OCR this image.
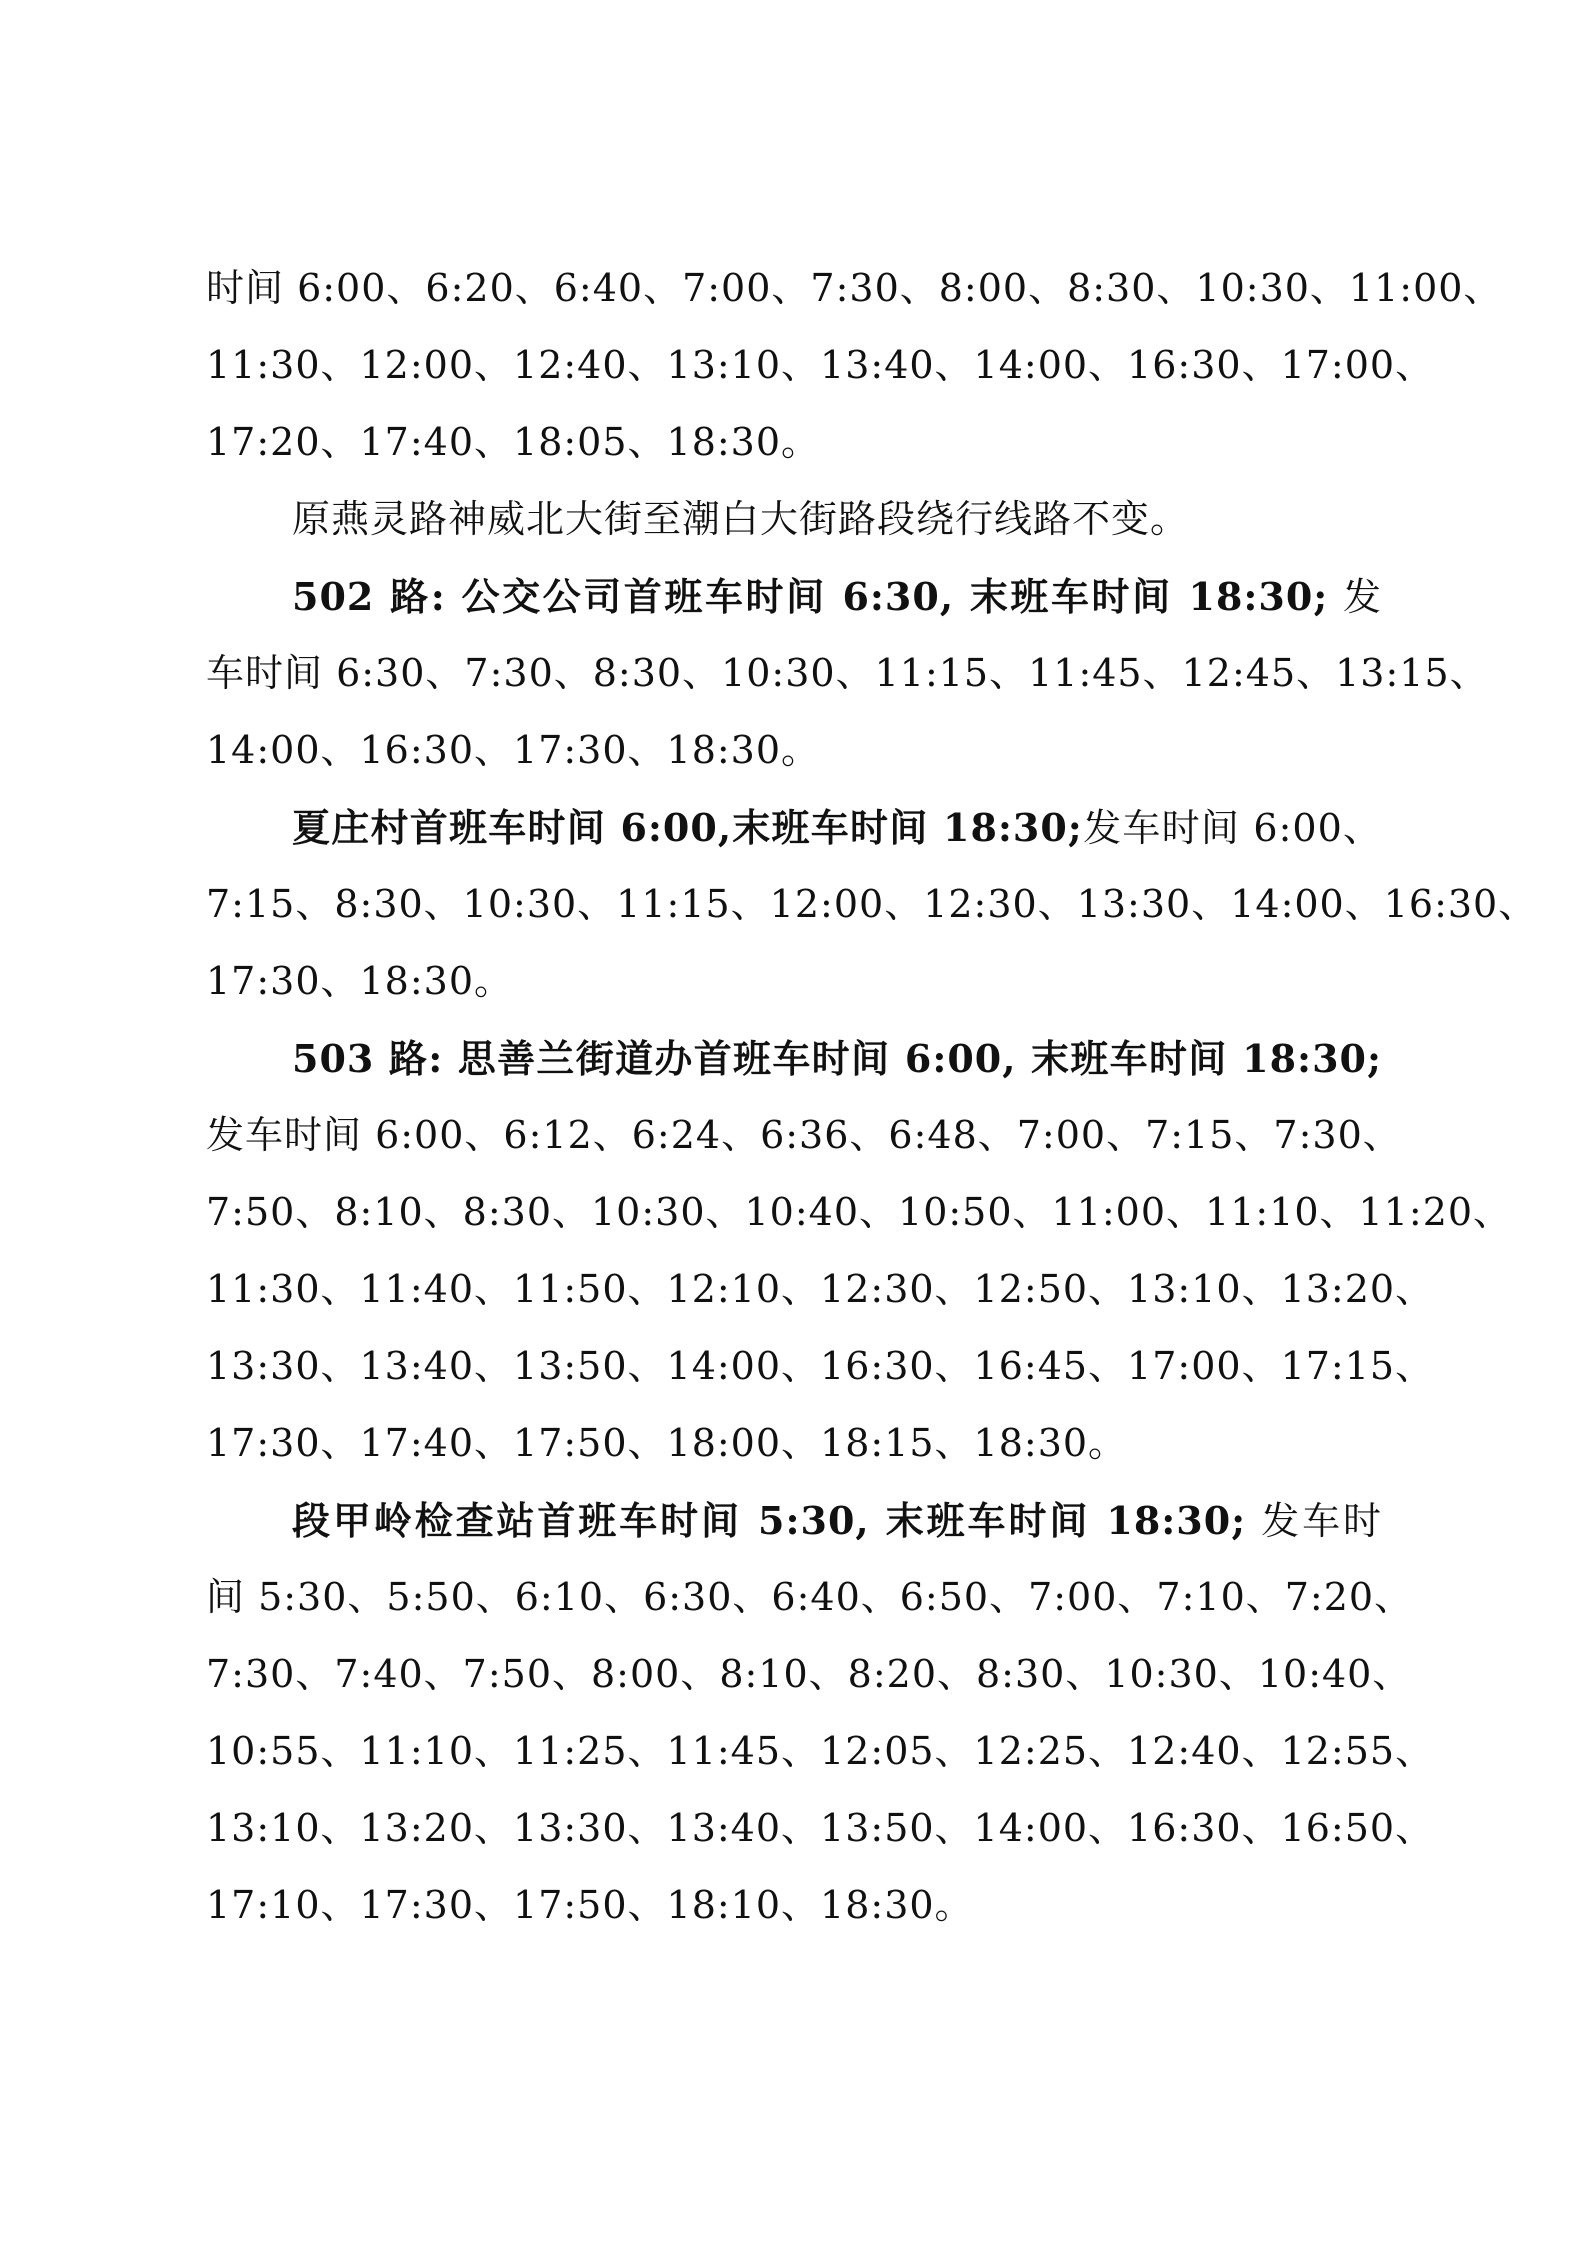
时间 6:00、6:20、6:40、7:00、7:30、8:00、8:30、10:30、11:00、
11:30、12:00、12:40、13:10、13:40、14:00、16:30、17:00、
17:20、17:40、18:05、18:30。
原燕灵路神威北大街至潮白大街路段绕行线路不变。
502 路: 公交公司首班车时间 6:30, 末班车时间 18:30; 发
车时间 6:30、7:30、8:30、10:30、11:15、11:45、12:45、13:15、
14:00、16:30、17:30、18:30。
夏庄村首班车时间 6:00,末班车时间 18:30;发车时间 6:00、
7:15、8:30、10:30、11:15、12:00、12:30、13:30、14:00、16:30、
17:30、18:30。
503 路: 思善兰街道办首班车时间 6:00, 末班车时间 18:30;
发车时间 6:00、6:12、6:24、6:36、6:48、7:00、7:15、7:30、
7:50、8:10、8:30、10:30、10:40、10:50、11:00、11:10、11:20、
11:30、11:40、11:50、12:10、12:30、12:50、13:10、13:20、
13:30、13:40、13:50、14:00、16:30、16:45、17:00、17:15、
17:30、17:40、17:50、18:00、18:15、18:30。
段甲岭检查站首班车时间 5:30, 末班车时间 18:30; 发车时
间 5:30、5:50、6:10、6:30、6:40、6:50、7:00、7:10、7:20、
7:30、7:40、7:50、8:00、8:10、8:20、8:30、10:30、10:40、
10:55、11:10、11:25、11:45、12:05、12:25、12:40、12:55、
13:10、13:20、13:30、13:40、13:50、14:00、16:30、16:50、
17:10、17:30、17:50、18:10、18:30。
